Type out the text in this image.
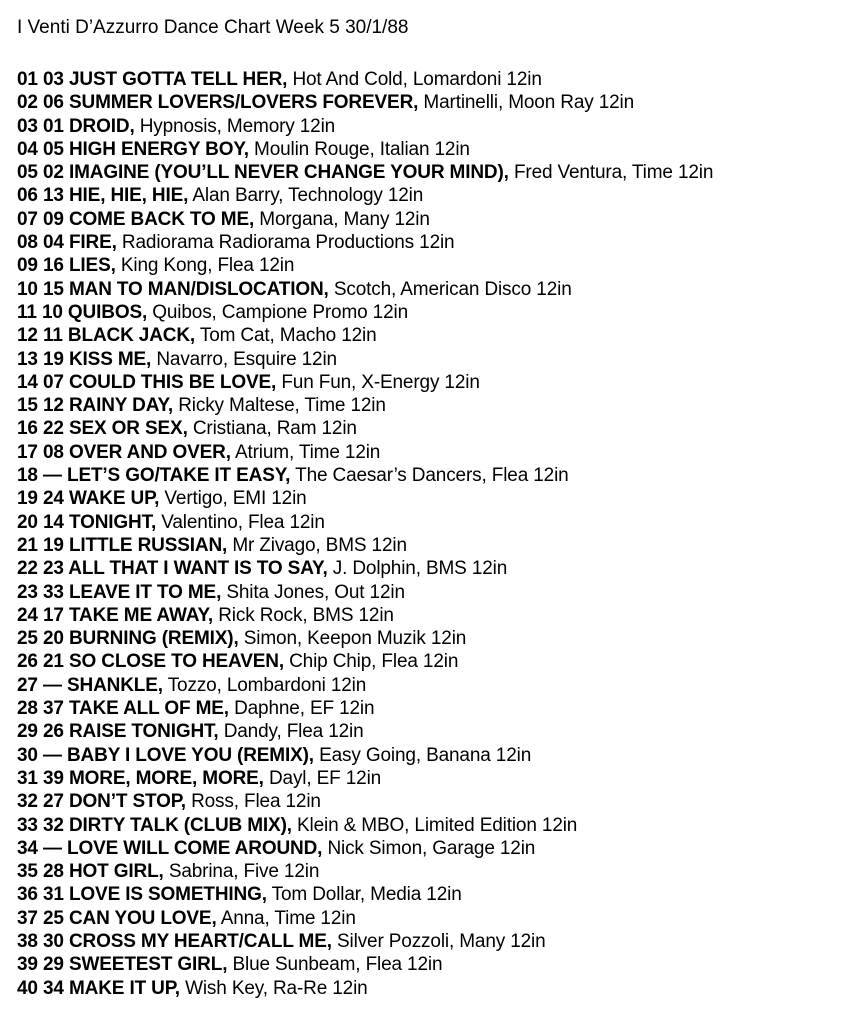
I Venti D’Azzurro Dance Chart Week 5 30/1/88
01 03 JUST GOTTA TELL HER, Hot And Cold, Lomardoni 12in
02 06 SUMMER LOVERS/LOVERS FOREVER, Martinelli, Moon Ray 12in
03 01 DROID, Hypnosis, Memory 12in
04 05 HIGH ENERGY BOY, Moulin Rouge, Italian 12in
05 02 IMAGINE (YOU’LL NEVER CHANGE YOUR MIND), Fred Ventura, Time 12in
06 13 HIE, HIE, HIE, Alan Barry, Technology 12in
07 09 COME BACK TO ME, Morgana, Many 12in
08 04 FIRE, Radiorama Radiorama Productions 12in
09 16 LIES, King Kong, Flea 12in
10 15 MAN TO MAN/DISLOCATION, Scotch, American Disco 12in
11 10 QUIBOS, Quibos, Campione Promo 12in
12 11 BLACK JACK, Tom Cat, Macho 12in
13 19 KISS ME, Navarro, Esquire 12in
14 07 COULD THIS BE LOVE, Fun Fun, X-Energy 12in
15 12 RAINY DAY, Ricky Maltese, Time 12in
16 22 SEX OR SEX, Cristiana, Ram 12in
17 08 OVER AND OVER, Atrium, Time 12in
18 — LET’S GO/TAKE IT EASY, The Caesar’s Dancers, Flea 12in
19 24 WAKE UP, Vertigo, EMI 12in
20 14 TONIGHT, Valentino, Flea 12in
21 19 LITTLE RUSSIAN, Mr Zivago, BMS 12in
22 23 ALL THAT I WANT IS TO SAY, J. Dolphin, BMS 12in
23 33 LEAVE IT TO ME, Shita Jones, Out 12in
24 17 TAKE ME AWAY, Rick Rock, BMS 12in
25 20 BURNING (REMIX), Simon, Keepon Muzik 12in
26 21 SO CLOSE TO HEAVEN, Chip Chip, Flea 12in
27 — SHANKLE, Tozzo, Lombardoni 12in
28 37 TAKE ALL OF ME, Daphne, EF 12in
29 26 RAISE TONIGHT, Dandy, Flea 12in
30 — BABY I LOVE YOU (REMIX), Easy Going, Banana 12in
31 39 MORE, MORE, MORE, Dayl, EF 12in
32 27 DON’T STOP, Ross, Flea 12in
33 32 DIRTY TALK (CLUB MIX), Klein & MBO, Limited Edition 12in
34 — LOVE WILL COME AROUND, Nick Simon, Garage 12in
35 28 HOT GIRL, Sabrina, Five 12in
36 31 LOVE IS SOMETHING, Tom Dollar, Media 12in
37 25 CAN YOU LOVE, Anna, Time 12in
38 30 CROSS MY HEART/CALL ME, Silver Pozzoli, Many 12in
39 29 SWEETEST GIRL, Blue Sunbeam, Flea 12in
40 34 MAKE IT UP, Wish Key, Ra-Re 12in
